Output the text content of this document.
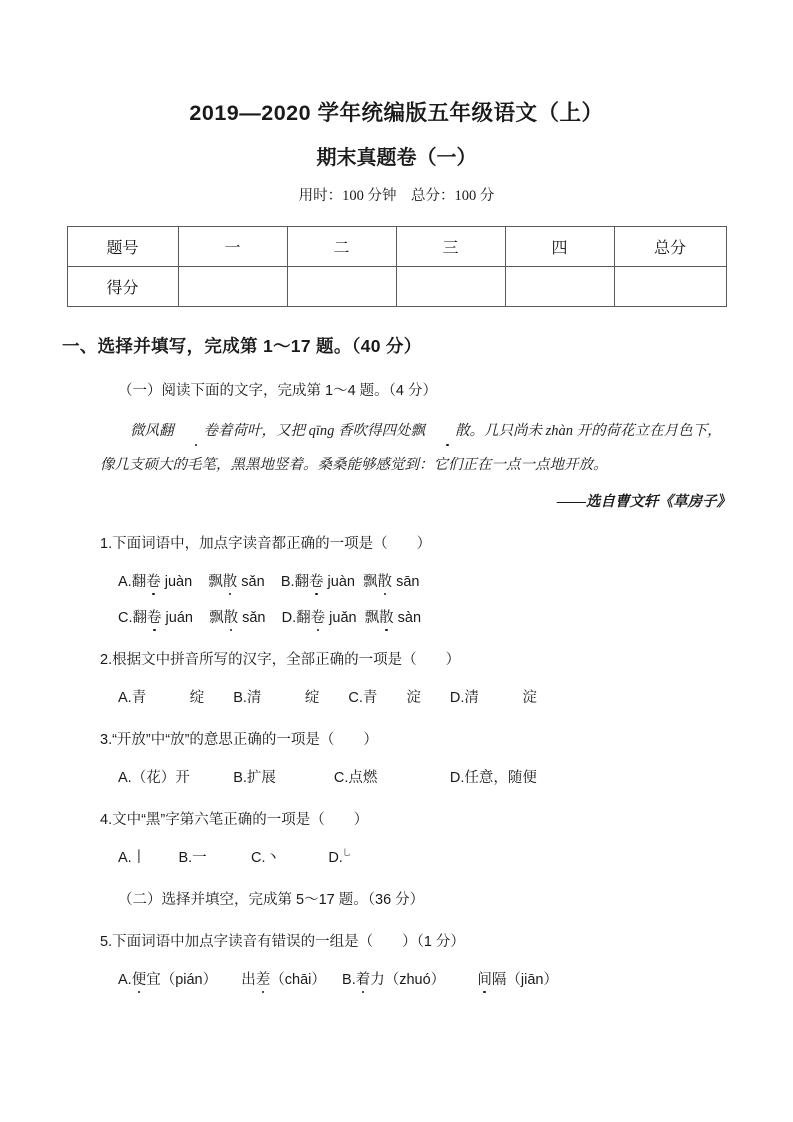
2019—2020 学年统编版五年级语文（上）
期末真题卷（一）

用时：100 分钟　总分：100 分

题号	一	二	三	四	总分
得分					

一、选择并填写，完成第 1～17 题。（40 分）

（一）阅读下面的文字，完成第 1～4 题。（4 分）

微风翻 卷着荷叶，又把 qīng 香吹得四处飘 散。几只尚未 zhàn 开的荷花立在月色下，

像几支硕大的毛笔，黑黑地竖着。桑桑能够感觉到：它们正在一点一点地开放。

——选自曹文轩《草房子》

1.下面词语中，加点字读音都正确的一项是（　　）

A.翻卷 juàn 飘散 sǎn B.翻卷 juàn 飘散 sān

C.翻卷 juán 飘散 sǎn D.翻卷 juǎn 飘散 sàn

2.根据文中拼音所写的汉字，全部正确的一项是（　　）

A.青　　　绽　　B.清　　　绽　　C.青　　淀　　D.清　　　淀

3.“开放”中“放”的意思正确的一项是（　　）

A.（花）开　　　B.扩展　　　　C.点燃　　　　　D.任意，随便

4.文中“黑”字第六笔正确的一项是（　　）

A.丨 B.一	C.丶	D.乚

（二）选择并填空，完成第 5～17 题。（36 分）

5.下面词语中加点字读音有错误的一组是（　　）（1 分）

A.便宜（pián） 出差（chāi） B.着力（zhuó） 间隔（jiān）
